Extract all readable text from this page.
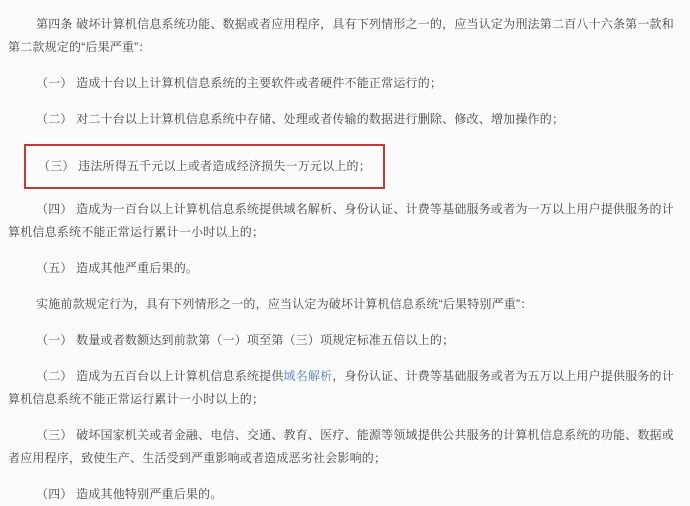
第四条 破坏计算机信息系统功能、数据或者应用程序，具有下列情形之一的，应当认定为刑法第二百八十六条第一款和第二款规定的“后果严重”：

（一） 造成十台以上计算机信息系统的主要软件或者硬件不能正常运行的；

（二） 对二十台以上计算机信息系统中存储、处理或者传输的数据进行删除、修改、增加操作的；

（三） 违法所得五千元以上或者造成经济损失一万元以上的；

（四） 造成为一百台以上计算机信息系统提供域名解析、身份认证、计费等基础服务或者为一万以上用户提供服务的计算机信息系统不能正常运行累计一小时以上的；

（五） 造成其他严重后果的。

实施前款规定行为，具有下列情形之一的，应当认定为破坏计算机信息系统“后果特别严重”：

（一） 数量或者数额达到前款第（一）项至第（三）项规定标准五倍以上的；

（二） 造成为五百台以上计算机信息系统提供域名解析，身份认证、计费等基础服务或者为五万以上用户提供服务的计算机信息系统不能正常运行累计一小时以上的；

（三） 破坏国家机关或者金融、电信、交通、教育、医疗、能源等领域提供公共服务的计算机信息系统的功能、数据或者应用程序，致使生产、生活受到严重影响或者造成恶劣社会影响的；

（四） 造成其他特别严重后果的。
